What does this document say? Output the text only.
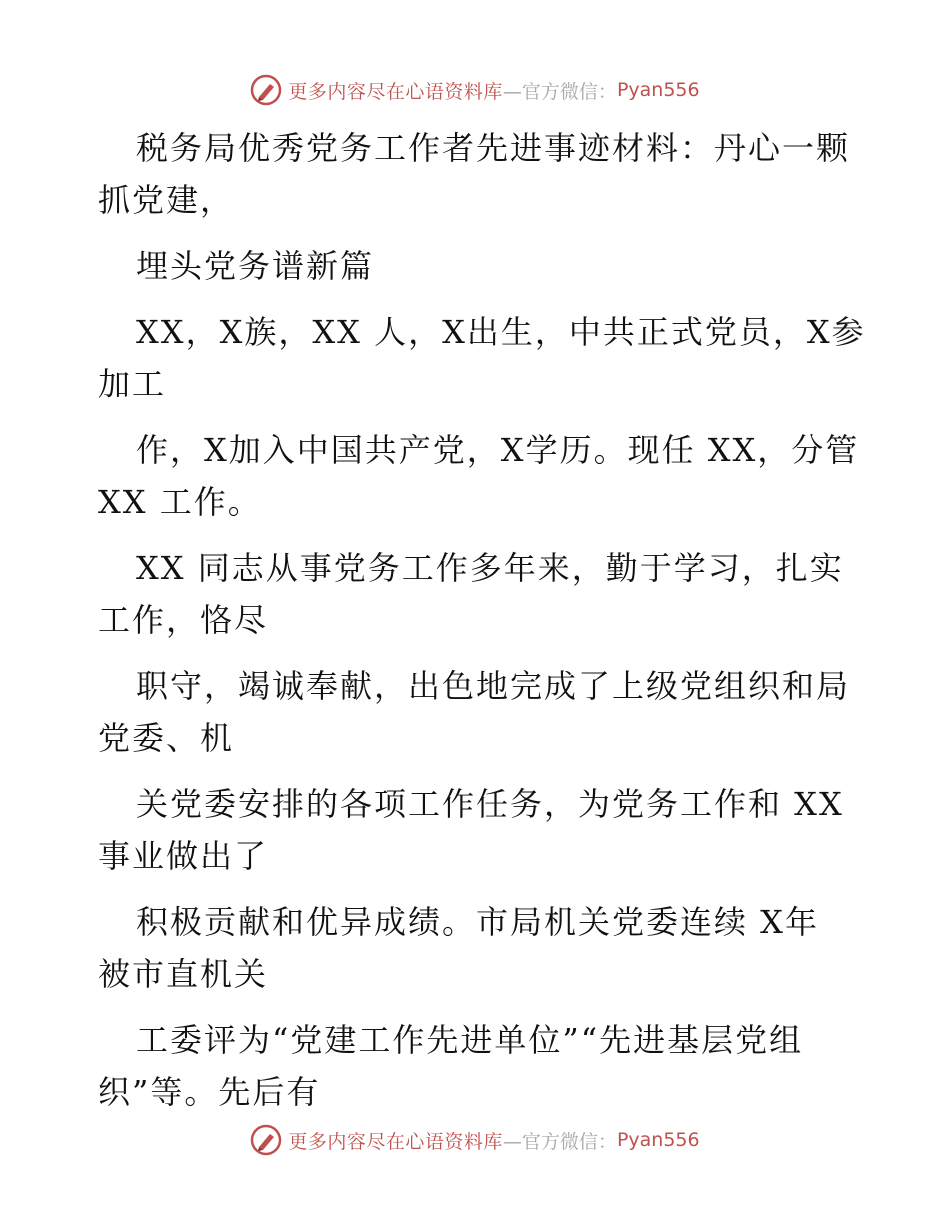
更多内容尽在心语资料库 —官方微信： Pyan556
税务局优秀党务工作者先进事迹材料：丹心一颗
抓党建，
埋头党务谱新篇
XX，X族，XX 人，X出生，中共正式党员，X参
加工
作，X加入中国共产党，X学历。现任 XX，分管
XX 工作。
XX 同志从事党务工作多年来，勤于学习，扎实
工作，恪尽
职守，竭诚奉献，出色地完成了上级党组织和局
党委、机
关党委安排的各项工作任务，为党务工作和 XX
事业做出了
积极贡献和优异成绩。市局机关党委连续 X年
被市直机关
工委评为“党建工作先进单位”“先进基层党组
织”等。先后有
更多内容尽在心语资料库 —官方微信： Pyan556
